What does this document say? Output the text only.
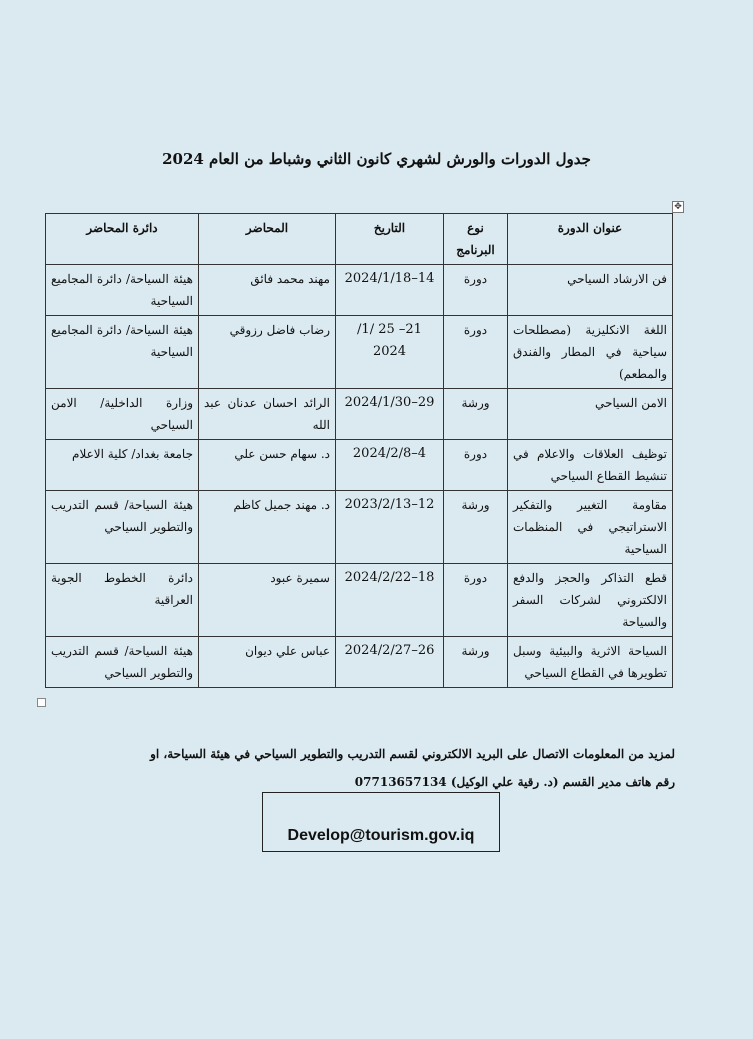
جدول الدورات والورش لشهري كانون الثاني وشباط من العام 2024
✥
عنوان الدورة	نوع البرنامج	التاريخ	المحاضر	دائرة المحاضر
فن الارشاد السياحي	دورة	14–2024/1/18	مهند محمد فائق	هيئة السياحة/ دائرة المجاميع السياحية
اللغة الانكليزية (مصطلحات سياحية في المطار والفندق والمطعم)	دورة	21– 25 /1/ 2024	رضاب فاضل رزوقي	هيئة السياحة/ دائرة المجاميع السياحية
الامن السياحي	ورشة	29–2024/1/30	الرائد احسان عدنان عبد الله	وزارة الداخلية/ الامن السياحي
توظيف العلاقات والاعلام في تنشيط القطاع السياحي	دورة	4–2024/2/8	د. سهام حسن علي	جامعة بغداد/ كلية الاعلام
مقاومة التغيير والتفكير الاستراتيجي في المنظمات السياحية	ورشة	12–2023/2/13	د. مهند جميل كاظم	هيئة السياحة/ قسم التدريب والتطوير السياحي
قطع التذاكر والحجز والدفع الالكتروني لشركات السفر والسياحة	دورة	18–2024/2/22	سميرة عبود	دائرة الخطوط الجوية العراقية
السياحة الاثرية والبيئية وسبل تطويرها في القطاع السياحي	ورشة	26–2024/2/27	عباس علي ديوان	هيئة السياحة/ قسم التدريب والتطوير السياحي
لمزيد من المعلومات الاتصال على البريد الالكتروني لقسم التدريب والتطوير السياحي في هيئة السياحة، او
رقم هاتف مدير القسم (د. رقية علي الوكيل) 07713657134
Develop@tourism.gov.iq
